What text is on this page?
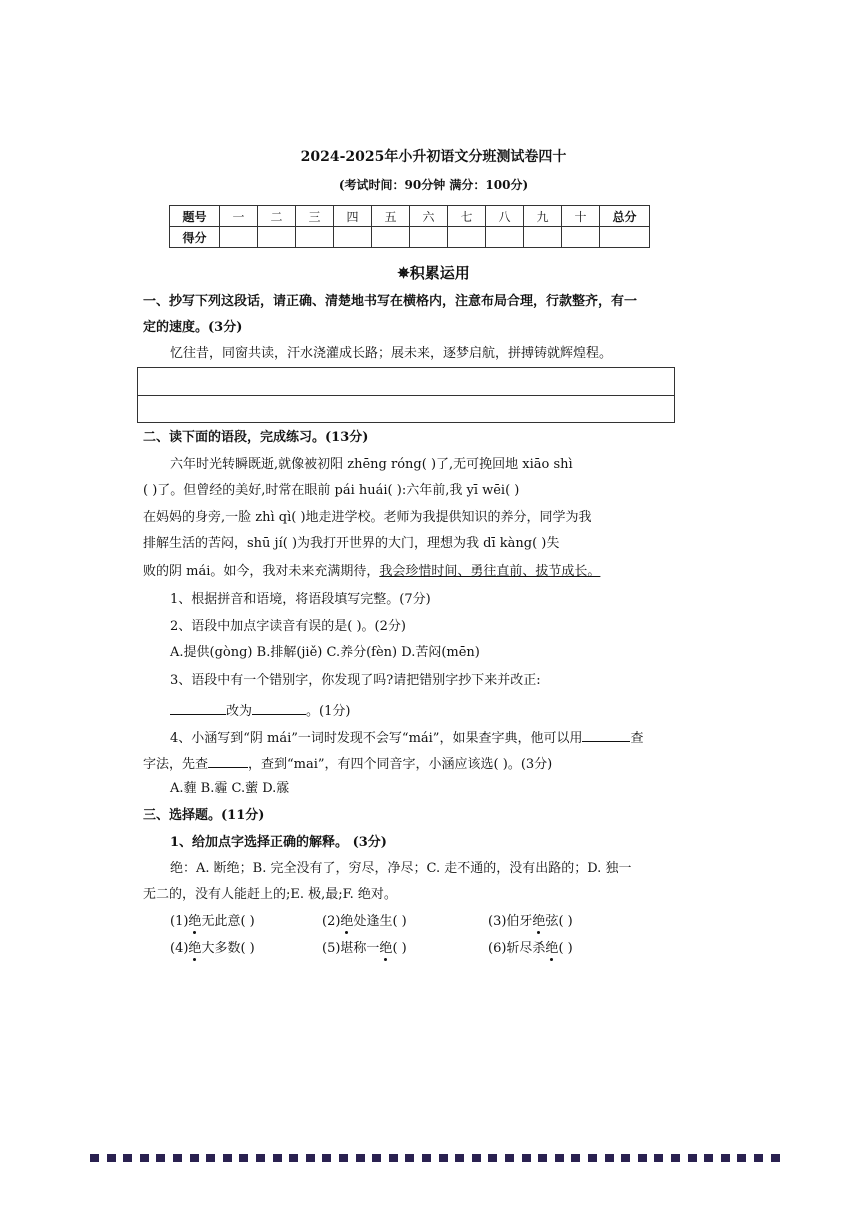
2024-2025年小升初语文分班测试卷四十
(考试时间：90分钟 满分：100分)
题号	一	二	三	四	五	六	七	八	九	十	总分
得分											
✵积累运用
一、抄写下列这段话，请正确、清楚地书写在横格内，注意布局合理，行款整齐，有一
定的速度。(3分)
忆往昔，同窗共读，汗水浇灌成长路；展未来，逐梦启航，拼搏铸就辉煌程。
二、读下面的语段，完成练习。(13分)
六年时光转瞬既逝,就像被初阳 zhēng róng( )了,无可挽回地 xiāo shì
( )了。但曾经的美好,时常在眼前 pái huái( ):六年前,我 yī wēi( )
在妈妈的身旁,一脸 zhì qì( )地走进学校。老师为我提供知识的养分，同学为我
排解生活的苦闷，shū jí( )为我打开世界的大门，理想为我 dī kàng( )失
败的阴 mái。如今，我对未来充满期待，我会珍惜时间、勇往直前、拔节成长。
1、根据拼音和语境，将语段填写完整。(7分)
2、语段中加点字读音有误的是( )。(2分)
A.提供(gòng) B.排解(jiě) C.养分(fèn) D.苦闷(mēn)
3、语段中有一个错别字，你发现了吗?请把错别字抄下来并改正:
改为	。(1分)
4、小涵写到“阴 mái”一词时发现不会写“mái”，如果查字典，他可以用	查
字法，先查	，查到“mai”，有四个同音字，小涵应该选( )。(3分)
A.薶 B.霾 C.藌 D.霡
三、选择题。(11分)
1、给加点字选择正确的解释。 (3分)
绝：A. 断绝；B. 完全没有了，穷尽，净尽；C. 走不通的，没有出路的；D. 独一
无二的，没有人能赶上的;E. 极,最;F. 绝对。
(1)绝无此意( )	(2)绝处逢生( )	(3)伯牙绝弦( )
(4)绝大多数( )	(5)堪称一绝( )	(6)斩尽杀绝( )
